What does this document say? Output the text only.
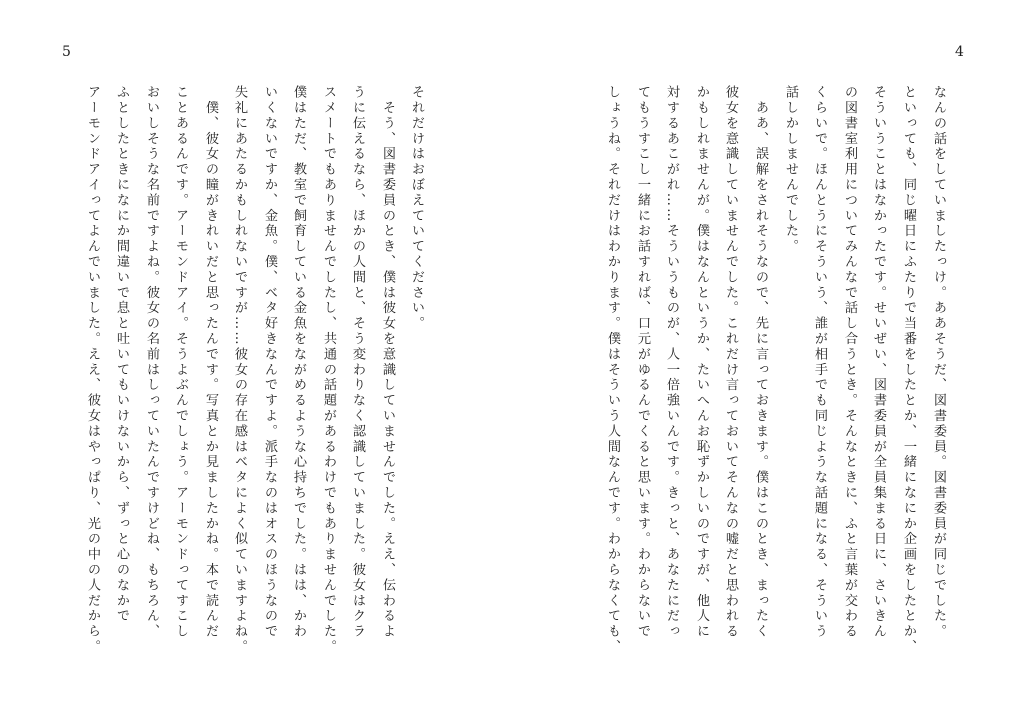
5	4
なんの話をしていましたっけ。ああそうだ、図書委員。図書委員が同じでした。
といっても、同じ曜日にふたりで当番をしたとか、一緒になにか企画をしたとか、
そういうことはなかったです。せいぜい、図書委員が全員集まる日に、さいきん
の図書室利用についてみんなで話し合うとき。そんなときに、ふと言葉が交わる
くらいで。ほんとうにそういう、誰が相手でも同じような話題になる、そういう
話しかしませんでした。
　ああ、誤解をされそうなので、先に言っておきます。僕はこのとき、まったく
彼女を意識していませんでした。これだけ言っておいてそんなの嘘だと思われる
かもしれませんが。僕はなんというか、たいへんお恥ずかしいのですが、他人に
対するあこがれ……そういうものが、人一倍強いんです。きっと、あなたにだっ
てもうすこし一緒にお話すれば、口元がゆるんでくると思います。わからないで
しょうね。それだけはわかります。僕はそういう人間なんです。わからなくても、
それだけはおぼえていてください。
　そう、図書委員のとき、僕は彼女を意識していませんでした。ええ、伝わるよ
うに伝えるなら、ほかの人間と、そう変わりなく認識していました。彼女はクラ
スメートでもありませんでしたし、共通の話題があるわけでもありませんでした。
僕はただ、教室で飼育している金魚をながめるような心持ちでした。はは、かわ
いくないですか、金魚。僕、ベタ好きなんですよ。派手なのはオスのほうなので
失礼にあたるかもしれないですが……彼女の存在感はベタによく似ていますよね。
　僕、彼女の瞳がきれいだと思ったんです。写真とか見ましたかね。本で読んだ
ことあるんです。アーモンドアイ。そうよぶんでしょう。アーモンドってすこし
おいしそうな名前ですよね。彼女の名前はしっていたんですけどね、もちろん、
ふとしたときになにか間違いで息と吐いてもいけないから、ずっと心のなかで
アーモンドアイってよんでいました。ええ、彼女はやっぱり、光の中の人だから。
